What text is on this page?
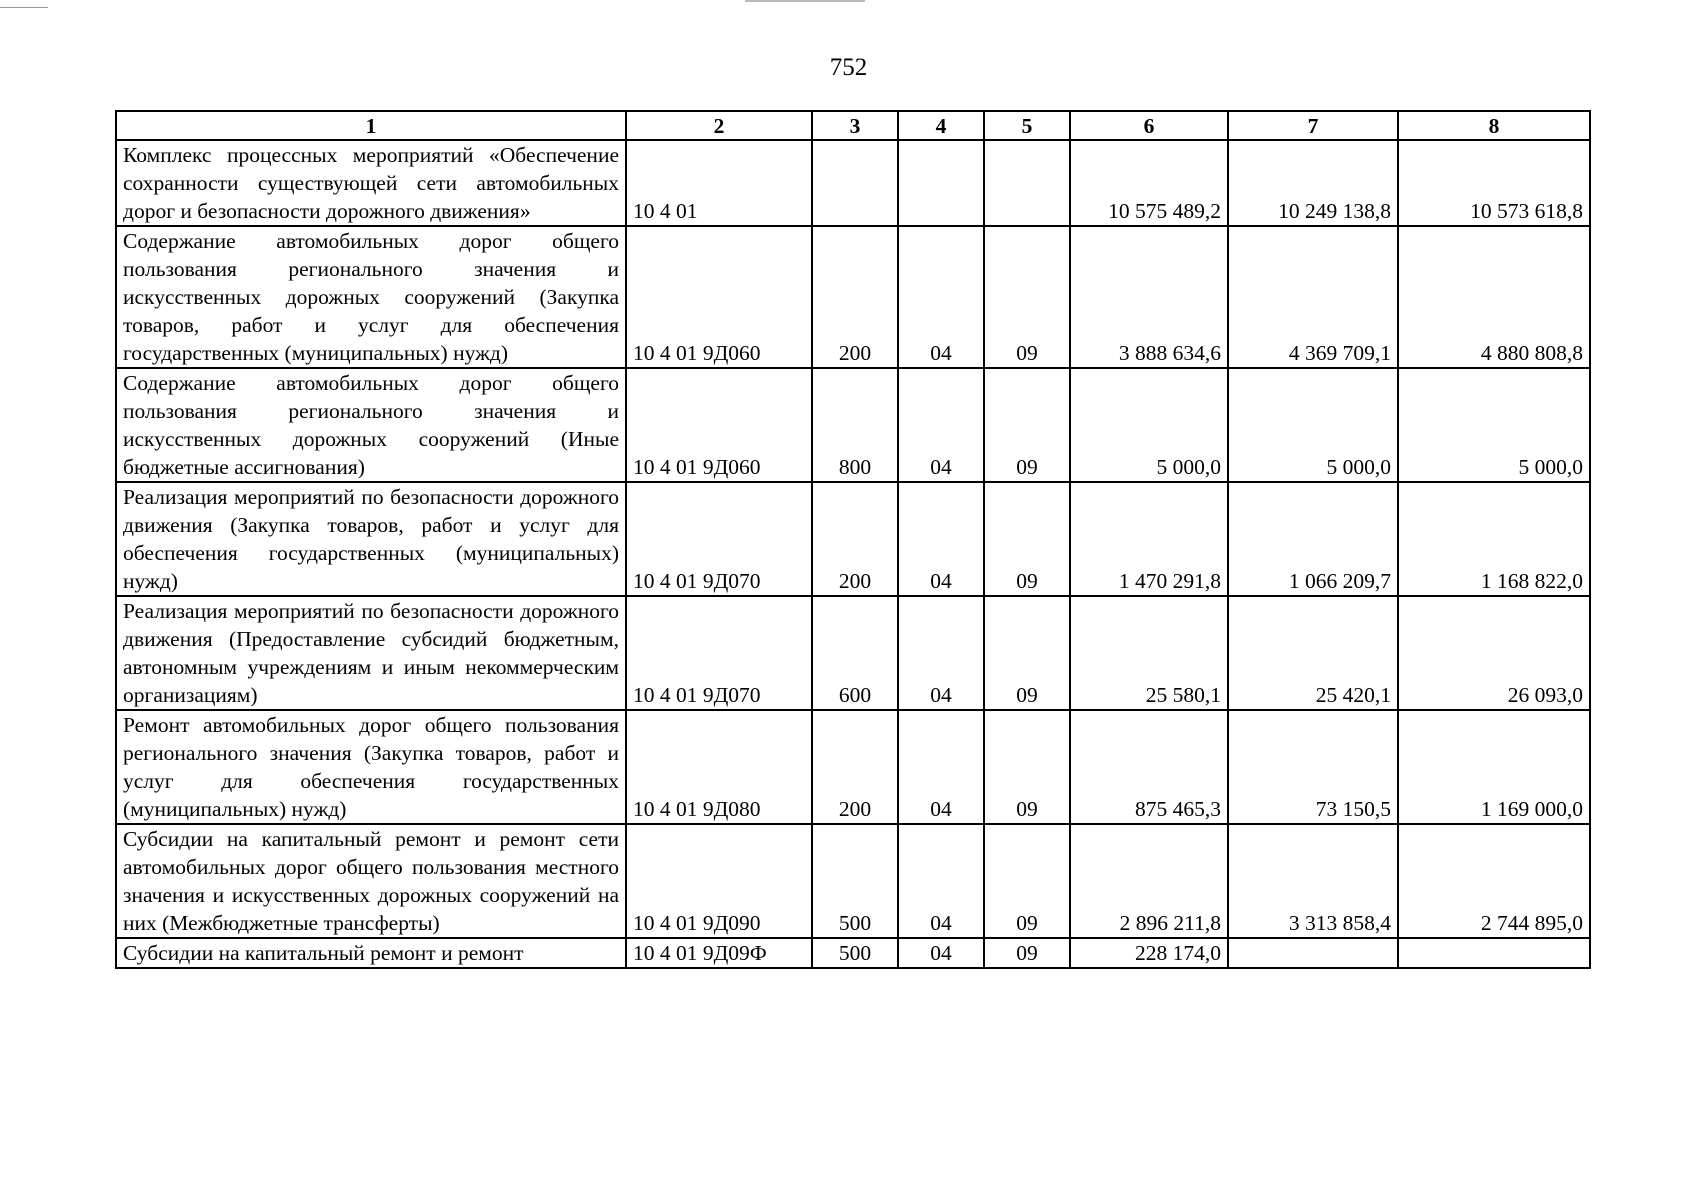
752
1	2	3	4	5	6	7	8
Комплекс процессных мероприятий «Обеспечение сохранности существующей сети автомобильных дорог и безопасности дорожного движения»	10 4 01				10 575 489,2	10 249 138,8	10 573 618,8
Содержание автомобильных дорог общего пользования регионального значения и искусственных дорожных сооружений (Закупка товаров, работ и услуг для обеспечения государственных (муниципальных) нужд)	10 4 01 9Д060	200	04	09	3 888 634,6	4 369 709,1	4 880 808,8
Содержание автомобильных дорог общего пользования регионального значения и искусственных дорожных сооружений (Иные бюджетные ассигнования)	10 4 01 9Д060	800	04	09	5 000,0	5 000,0	5 000,0
Реализация мероприятий по безопасности дорожного движения (Закупка товаров, работ и услуг для обеспечения государственных (муниципальных) нужд)	10 4 01 9Д070	200	04	09	1 470 291,8	1 066 209,7	1 168 822,0
Реализация мероприятий по безопасности дорожного движения (Предоставление субсидий бюджетным, автономным учреждениям и иным некоммерческим организациям)	10 4 01 9Д070	600	04	09	25 580,1	25 420,1	26 093,0
Ремонт автомобильных дорог общего пользования регионального значения (Закупка товаров, работ и услуг для обеспечения государственных (муниципальных) нужд)	10 4 01 9Д080	200	04	09	875 465,3	73 150,5	1 169 000,0
Субсидии на капитальный ремонт и ремонт сети автомобильных дорог общего пользования местного значения и искусственных дорожных сооружений на них (Межбюджетные трансферты)	10 4 01 9Д090	500	04	09	2 896 211,8	3 313 858,4	2 744 895,0
Субсидии на капитальный ремонт и ремонт	10 4 01 9Д09Ф	500	04	09	228 174,0		
